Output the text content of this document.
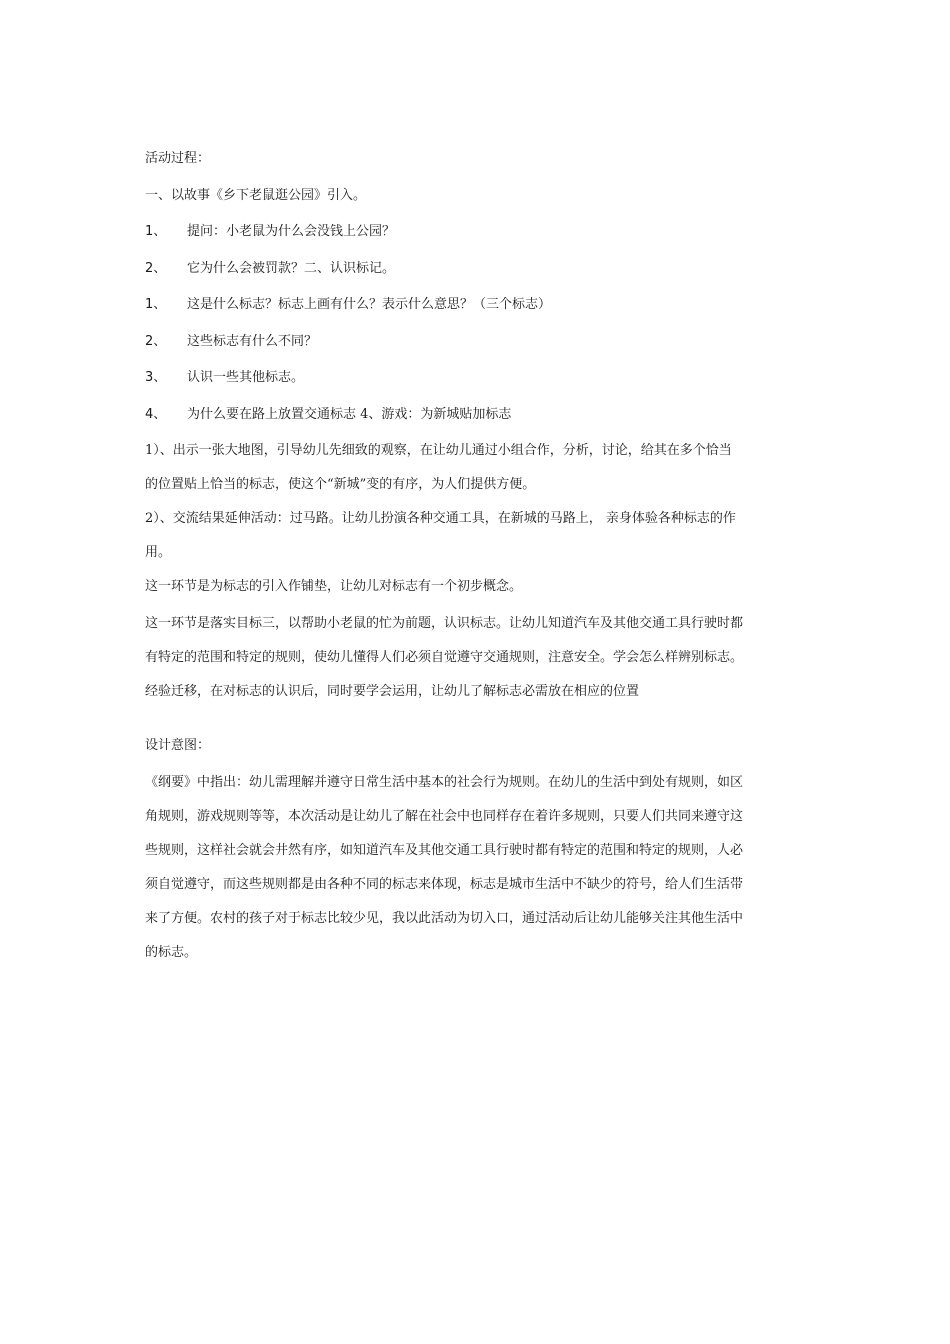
活动过程：
一、以故事《乡下老鼠逛公园》引入。
1、 提问：小老鼠为什么会没钱上公园？
2、 它为什么会被罚款？二、认识标记。
1、 这是什么标志？标志上画有什么？表示什么意思？（三个标志）
2、 这些标志有什么不同？
3、 认识一些其他标志。
4、 为什么要在路上放置交通标志 4、游戏：为新城贴加标志
1）、出示一张大地图，引导幼儿先细致的观察，在让幼儿通过小组合作，分析，讨论，给其在多个恰当
的位置贴上恰当的标志，使这个“新城”变的有序，为人们提供方便。
2）、交流结果延伸活动：过马路。让幼儿扮演各种交通工具，在新城的马路上， 亲身体验各种标志的作
用。
这一环节是为标志的引入作铺垫，让幼儿对标志有一个初步概念。
这一环节是落实目标三，以帮助小老鼠的忙为前题，认识标志。让幼儿知道汽车及其他交通工具行驶时都
有特定的范围和特定的规则，使幼儿懂得人们必须自觉遵守交通规则，注意安全。学会怎么样辨别标志。
经验迁移，在对标志的认识后，同时要学会运用，让幼儿了解标志必需放在相应的位置
设计意图：
《纲要》中指出：幼儿需理解并遵守日常生活中基本的社会行为规则。在幼儿的生活中到处有规则，如区
角规则，游戏规则等等，本次活动是让幼儿了解在社会中也同样存在着许多规则，只要人们共同来遵守这
些规则，这样社会就会井然有序，如知道汽车及其他交通工具行驶时都有特定的范围和特定的规则，人必
须自觉遵守，而这些规则都是由各种不同的标志来体现，标志是城市生活中不缺少的符号，给人们生活带
来了方便。农村的孩子对于标志比较少见，我以此活动为切入口，通过活动后让幼儿能够关注其他生活中
的标志。
